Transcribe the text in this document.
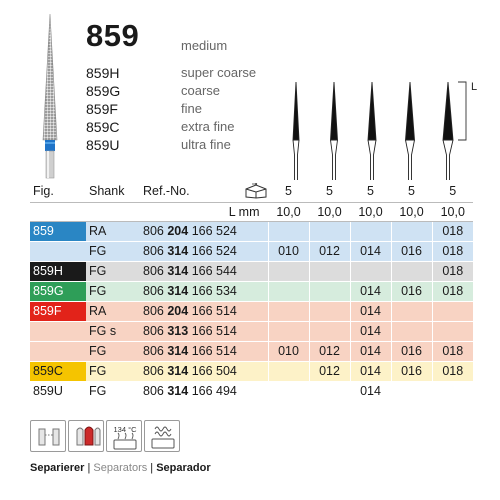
859	medium
859H	super coarse
859G	coarse
859F	fine
859C	extra fine
859U	ultra fine
L
Fig.	Shank	Ref.-No.	5	5	5	5	5
		L mm	10,0	10,0	10,0	10,0	10,0
859	RA	806 204 166 524					018
	FG	806 314 166 524	010	012	014	016	018
859H	FG	806 314 166 544					018
859G	FG	806 314 166 534			014	016	018
859F	RA	806 204 166 514			014		
	FG s	806 313 166 514			014		
	FG	806 314 166 514	010	012	014	016	018
859C	FG	806 314 166 504		012	014	016	018
859U	FG	806 314 166 494			014		
134 °C
Separierer | Separators | Separador
